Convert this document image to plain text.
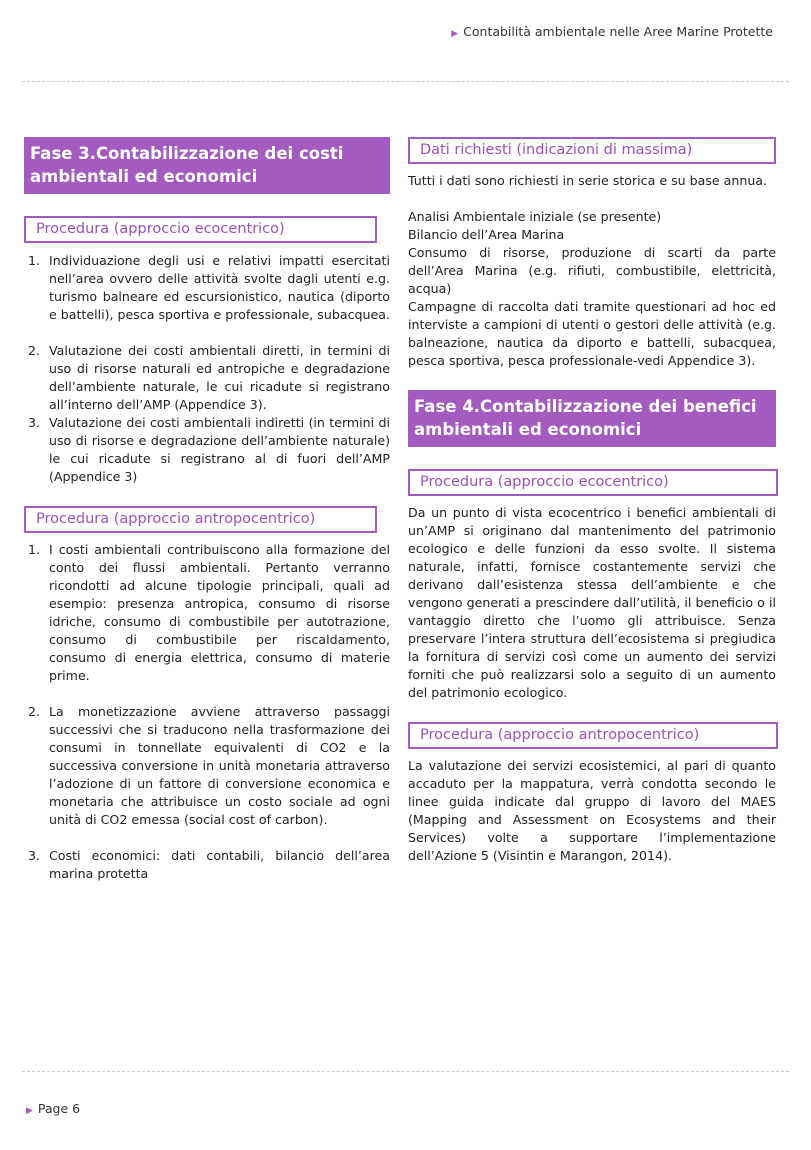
▶ Contabilità ambientale nelle Aree Marine Protette
Fase 3.Contabilizzazione dei costi ambientali ed economici
Procedura (approccio ecocentrico)
1. Individuazione degli usi e relativi impatti esercitati nell’area ovvero delle attività svolte dagli utenti e.g. turismo balneare ed escursionistico, nautica (diporto e battelli), pesca sportiva e professionale, subacquea.
2. Valutazione dei costi ambientali diretti, in termini di uso di risorse naturali ed antropiche e degradazione dell’ambiente naturale, le cui ricadute si registrano all’interno dell’AMP (Appendice 3).
3. Valutazione dei costi ambientali indiretti (in termini di uso di risorse e degradazione dell’ambiente naturale) le cui ricadute si registrano al di fuori dell’AMP (Appendice 3)
Procedura (approccio antropocentrico)
1. I costi ambientali contribuiscono alla formazione del conto dei flussi ambientali. Pertanto verranno ricondotti ad alcune tipologie principali, quali ad esempio: presenza antropica, consumo di risorse idriche, consumo di combustibile per autotrazione, consumo di combustibile per riscaldamento, consumo di energia elettrica, consumo di materie prime.
2. La monetizzazione avviene attraverso passaggi successivi che si traducono nella trasformazione dei consumi in tonnellate equivalenti di CO2 e la successiva conversione in unità monetaria attraverso l’adozione di un fattore di conversione economica e monetaria che attribuisce un costo sociale ad ogni unità di CO2 emessa (social cost of carbon).
3. Costi economici: dati contabili, bilancio dell’area marina protetta
Dati richiesti (indicazioni di massima)

Tutti i dati sono richiesti in serie storica e su base annua.

Analisi Ambientale iniziale (se presente)

Bilancio dell’Area Marina

Consumo di risorse, produzione di scarti da parte dell’Area Marina (e.g. rifiuti, combustibile, elettricità, acqua)

Campagne di raccolta dati tramite questionari ad hoc ed interviste a campioni di utenti o gestori delle attività (e.g. balneazione, nautica da diporto e battelli, subacquea, pesca sportiva, pesca professionale-vedi Appendice 3).

Fase 4.Contabilizzazione dei benefici ambientali ed economici
Procedura (approccio ecocentrico)

Da un punto di vista ecocentrico i benefici ambientali di un’AMP si originano dal mantenimento del patrimonio ecologico e delle funzioni da esso svolte. Il sistema naturale, infatti, fornisce costantemente servizi che derivano dall’esistenza stessa dell’ambiente e che vengono generati a prescindere dall’utilità, il beneficio o il vantaggio diretto che l’uomo gli attribuisce. Senza preservare l’intera struttura dell’ecosistema si pregiudica la fornitura di servizi così come un aumento dei servizi forniti che può realizzarsi solo a seguito di un aumento del patrimonio ecologico.

Procedura (approccio antropocentrico)

La valutazione dei servizi ecosistemici, al pari di quanto accaduto per la mappatura, verrà condotta secondo le linee guida indicate dal gruppo di lavoro del MAES (Mapping and Assessment on Ecosystems and their Services) volte a supportare l’implementazione dell’Azione 5 (Visintin e Marangon, 2014).

▶ Page 6
